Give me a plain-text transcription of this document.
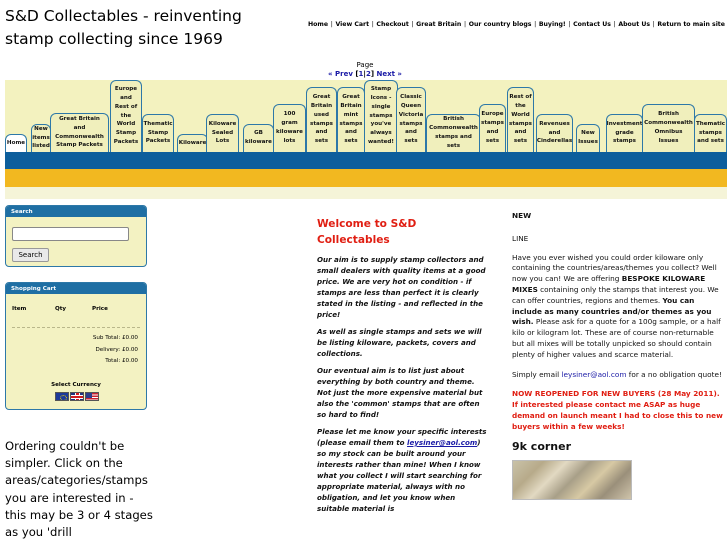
S&D Collectables - reinventing
stamp collecting since 1969
Home | View Cart | Checkout | Great Britain | Our country blogs | Buying! | Contact Us | About Us | Return to main site
Page
« Prev [1|2] Next »
Home
New
items
listed
Great Britain
and
Commonwealth
Stamp Packets
Europe
and
Rest of
the
World
Stamp
Packets
Thematic
Stamp
Packets	Kiloware
Kiloware
Sealed
Lots
GB
kiloware
100
gram
kiloware
lots
Great
Britain
used
stamps
and
sets
Great
Britain
mint
stamps
and
sets
Stamp
Icons -
single
stamps
you've
always
wanted!
Classic
Queen
Victoria
stamps
and
sets
British
Commonwealth
stamps and
sets
Europe
stamps
and
sets
Rest of
the
World
stamps
and
sets
Revenues
and
Cinderellas
New
Issues
Investment
grade
stamps
British
Commonwealth
Omnibus
Issues
Thematic
stamps
and sets
Search
Search
Shopping Cart
Item	Qty	Price
Sub Total: £0.00
Delivery: £0.00
Total: £0.00
Select Currency
Ordering couldn't be simpler. Click on the areas/categories/stamps you are interested in - this may be 3 or 4 stages as you 'drill
Welcome to S&D Collectables

Our aim is to supply stamp collectors and small dealers with quality items at a good price. We are very hot on condition - if stamps are less than perfect it is clearly stated in the listing - and reflected in the price!

As well as single stamps and sets we will be listing kiloware, packets, covers and collections.

Our eventual aim is to list just about everything by both country and theme. Not just the more expensive material but also the 'common' stamps that are often so hard to find!

Please let me know your specific interests (please email them to leysiner@aol.com) so my stock can be built around your interests rather than mine! When I know what you collect I will start searching for appropriate material, always with no obligation, and let you know when suitable material is

NEW
LINE

Have you ever wished you could order kiloware only containing the countries/areas/themes you collect? Well now you can! We are offering BESPOKE KILOWARE MIXES containing only the stamps that interest you. We can offer countries, regions and themes. You can include as many countries and/or themes as you wish. Please ask for a quote for a 100g sample, or a half kilo or kilogram lot. These are of course non-returnable but all mixes will be totally unpicked so should contain plenty of higher values and scarce material.

Simply email leysiner@aol.com for a no obligation quote!

NOW REOPENED FOR NEW BUYERS (28 May 2011). If interested please contact me ASAP as huge demand on launch meant I had to close this to new buyers within a few weeks!

9k corner
